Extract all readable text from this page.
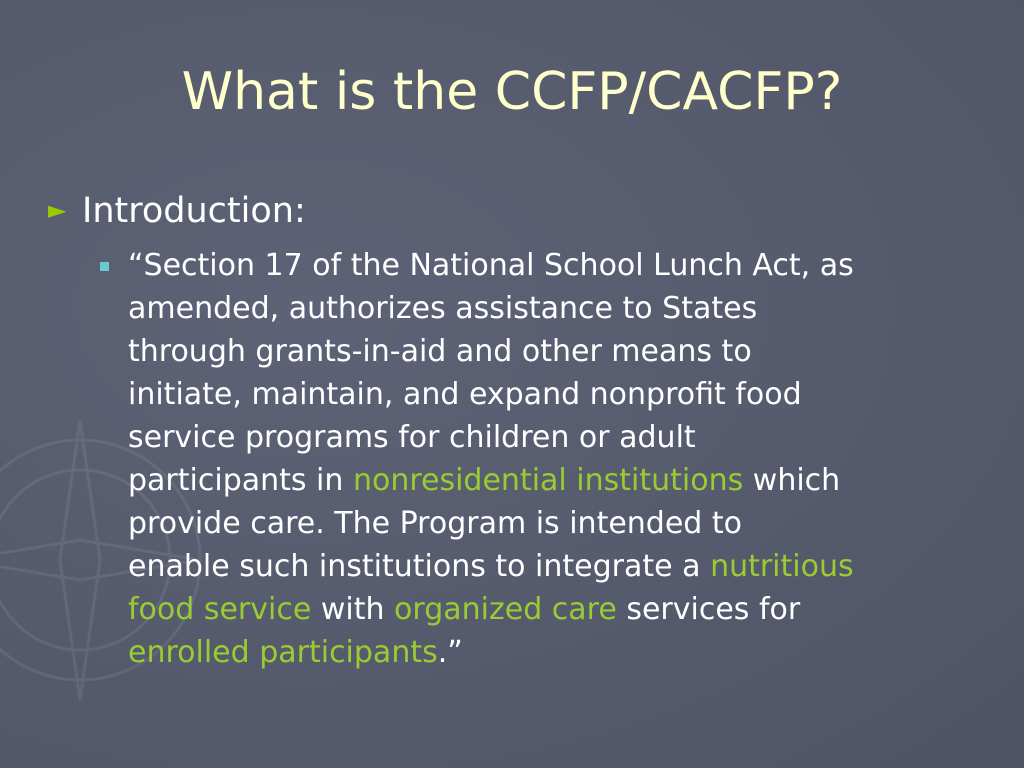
What is the CCFP/CACFP?
► Introduction:
“Section 17 of the National School Lunch Act, as
amended, authorizes assistance to States
through grants-in-aid and other means to
initiate, maintain, and expand nonprofit food
service programs for children or adult
participants in nonresidential institutions which
provide care. The Program is intended to
enable such institutions to integrate a nutritious
food service with organized care services for
enrolled participants.”
